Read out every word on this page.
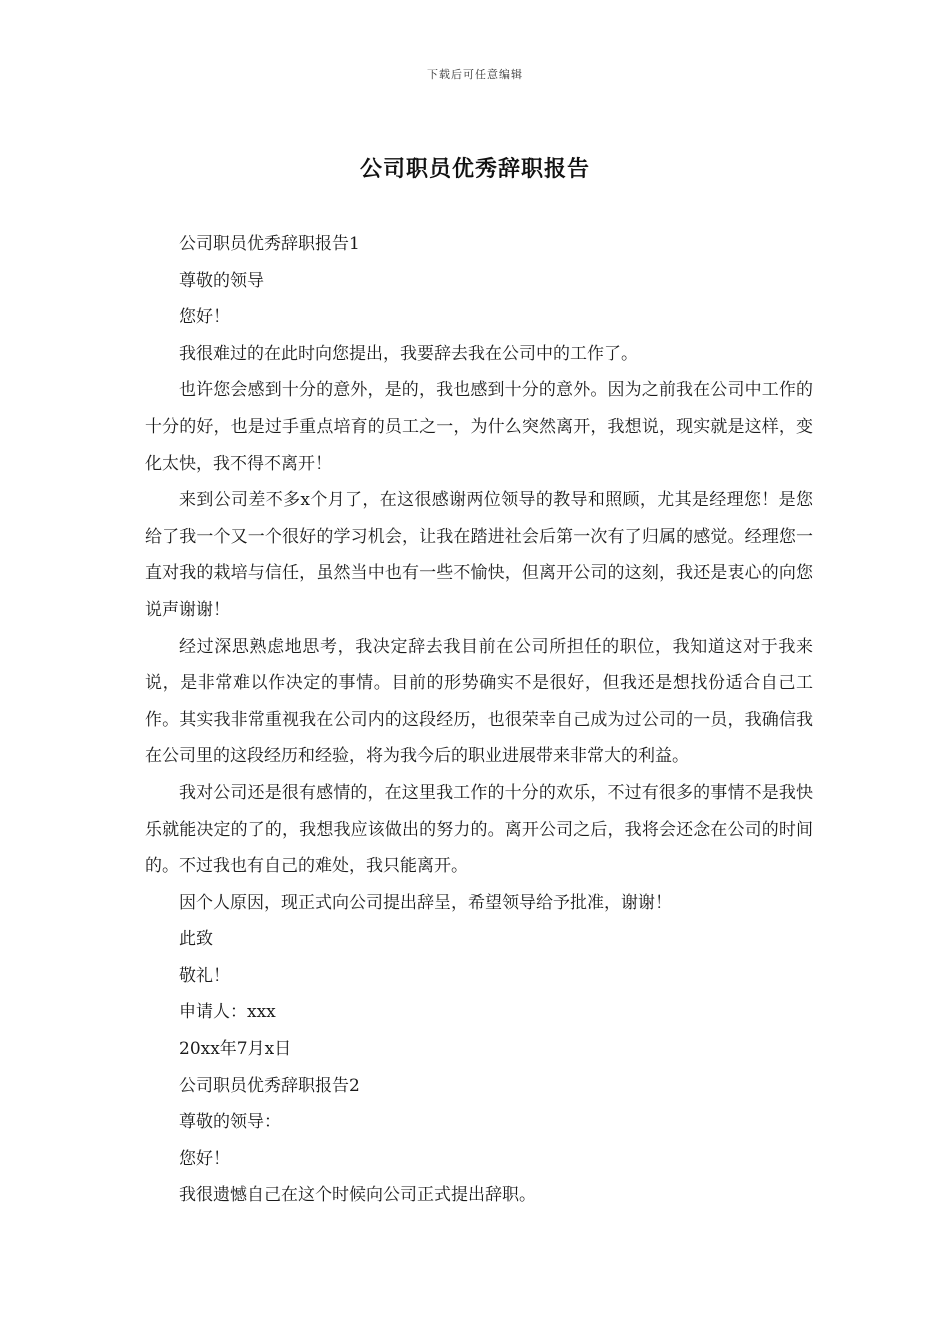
下载后可任意编辑
公司职员优秀辞职报告

公司职员优秀辞职报告1

尊敬的领导

您好！

我很难过的在此时向您提出，我要辞去我在公司中的工作了。

也许您会感到十分的意外，是的，我也感到十分的意外。因为之前我在公司中工作的十分的好，也是过手重点培育的员工之一，为什么突然离开，我想说，现实就是这样，变化太快，我不得不离开！

来到公司差不多x个月了，在这很感谢两位领导的教导和照顾，尤其是经理您！是您给了我一个又一个很好的学习机会，让我在踏进社会后第一次有了归属的感觉。经理您一直对我的栽培与信任，虽然当中也有一些不愉快，但离开公司的这刻，我还是衷心的向您说声谢谢！

经过深思熟虑地思考，我决定辞去我目前在公司所担任的职位，我知道这对于我来说，是非常难以作决定的事情。目前的形势确实不是很好，但我还是想找份适合自己工作。其实我非常重视我在公司内的这段经历，也很荣幸自己成为过公司的一员，我确信我在公司里的这段经历和经验，将为我今后的职业进展带来非常大的利益。

我对公司还是很有感情的，在这里我工作的十分的欢乐，不过有很多的事情不是我快乐就能决定的了的，我想我应该做出的努力的。离开公司之后，我将会还念在公司的时间的。不过我也有自己的难处，我只能离开。

因个人原因，现正式向公司提出辞呈，希望领导给予批准，谢谢！

此致

敬礼！

申请人：xxx

20xx年7月x日

公司职员优秀辞职报告2

尊敬的领导：

您好！

我很遗憾自己在这个时候向公司正式提出辞职。
